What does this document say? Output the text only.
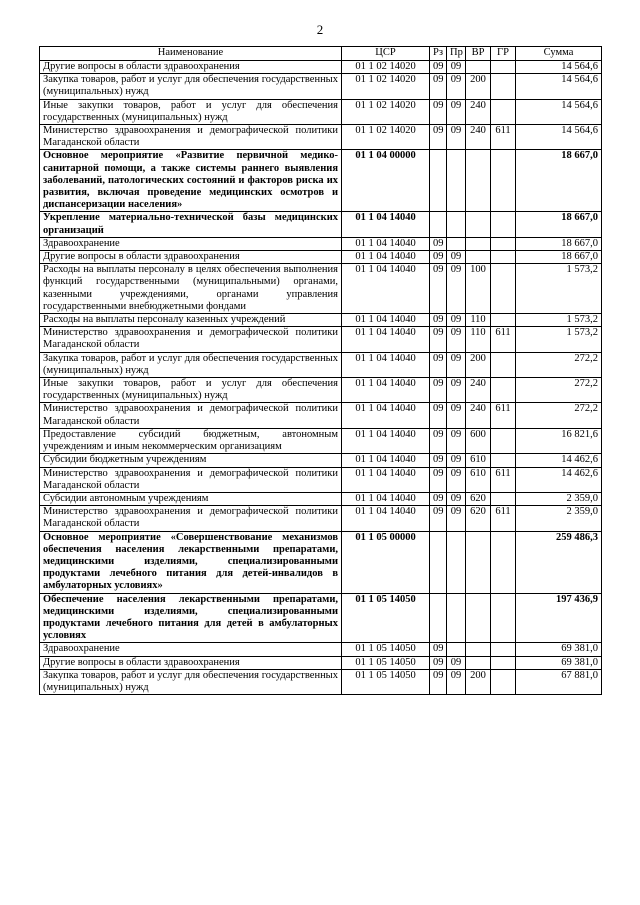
2
Наименование	ЦСР	Рз	Пр	ВР	ГР	Сумма
Другие вопросы в области здравоохранения	01 1 02 14020	09	09			14 564,6
Закупка товаров, работ и услуг для обеспечения государственных (муниципальных) нужд	01 1 02 14020	09	09	200		14 564,6
Иные закупки товаров, работ и услуг для обеспечения государственных (муниципальных) нужд	01 1 02 14020	09	09	240		14 564,6
Министерство здравоохранения и демографической политики Магаданской области	01 1 02 14020	09	09	240	611	14 564,6
Основное мероприятие «Развитие первичной медико-санитарной помощи, а также системы раннего выявления заболеваний, патологических состояний и факторов риска их развития, включая проведение медицинских осмотров и диспансеризации населения»	01 1 04 00000					18 667,0
Укрепление материально-технической базы медицинских организаций	01 1 04 14040					18 667,0
Здравоохранение	01 1 04 14040	09				18 667,0
Другие вопросы в области здравоохранения	01 1 04 14040	09	09			18 667,0
Расходы на выплаты персоналу в целях обеспечения выполнения функций государственными (муниципальными) органами, казенными учреждениями, органами управления государственными внебюджетными фондами	01 1 04 14040	09	09	100		1 573,2
Расходы на выплаты персоналу казенных учреждений	01 1 04 14040	09	09	110		1 573,2
Министерство здравоохранения и демографической политики Магаданской области	01 1 04 14040	09	09	110	611	1 573,2
Закупка товаров, работ и услуг для обеспечения государственных (муниципальных) нужд	01 1 04 14040	09	09	200		272,2
Иные закупки товаров, работ и услуг для обеспечения государственных (муниципальных) нужд	01 1 04 14040	09	09	240		272,2
Министерство здравоохранения и демографической политики Магаданской области	01 1 04 14040	09	09	240	611	272,2
Предоставление субсидий бюджетным, автономным учреждениям и иным некоммерческим организациям	01 1 04 14040	09	09	600		16 821,6
Субсидии бюджетным учреждениям	01 1 04 14040	09	09	610		14 462,6
Министерство здравоохранения и демографической политики Магаданской области	01 1 04 14040	09	09	610	611	14 462,6
Субсидии автономным учреждениям	01 1 04 14040	09	09	620		2 359,0
Министерство здравоохранения и демографической политики Магаданской области	01 1 04 14040	09	09	620	611	2 359,0
Основное мероприятие «Совершенствование механизмов обеспечения населения лекарственными препаратами, медицинскими изделиями, специализированными продуктами лечебного питания для детей-инвалидов в амбулаторных условиях»	01 1 05 00000					259 486,3
Обеспечение населения лекарственными препаратами, медицинскими изделиями, специализированными продуктами лечебного питания для детей в амбулаторных условиях	01 1 05 14050					197 436,9
Здравоохранение	01 1 05 14050	09				69 381,0
Другие вопросы в области здравоохранения	01 1 05 14050	09	09			69 381,0
Закупка товаров, работ и услуг для обеспечения государственных (муниципальных) нужд	01 1 05 14050	09	09	200		67 881,0
